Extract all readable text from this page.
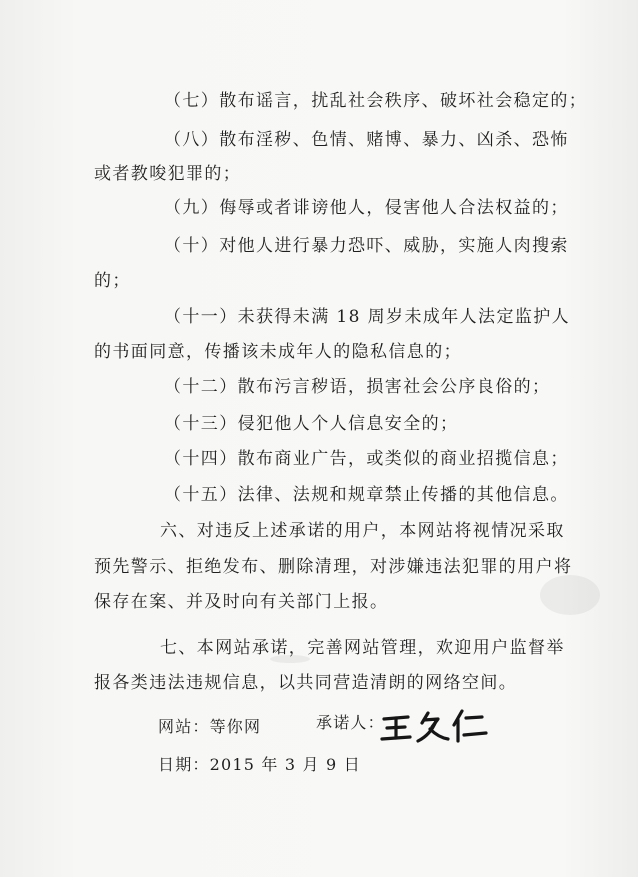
（七）散布谣言，扰乱社会秩序、破坏社会稳定的；
（八）散布淫秽、色情、赌博、暴力、凶杀、恐怖
或者教唆犯罪的；
（九）侮辱或者诽谤他人，侵害他人合法权益的；
（十）对他人进行暴力恐吓、威胁，实施人肉搜索
的；
（十一）未获得未满 18 周岁未成年人法定监护人
的书面同意，传播该未成年人的隐私信息的；
（十二）散布污言秽语，损害社会公序良俗的；
（十三）侵犯他人个人信息安全的；
（十四）散布商业广告，或类似的商业招揽信息；
（十五）法律、法规和规章禁止传播的其他信息。
六、对违反上述承诺的用户，本网站将视情况采取
预先警示、拒绝发布、删除清理，对涉嫌违法犯罪的用户将
保存在案、并及时向有关部门上报。
七、本网站承诺，完善网站管理，欢迎用户监督举
报各类违法违规信息，以共同营造清朗的网络空间。
网站：等你网	承诺人：
日期：2015 年 3 月 9 日
